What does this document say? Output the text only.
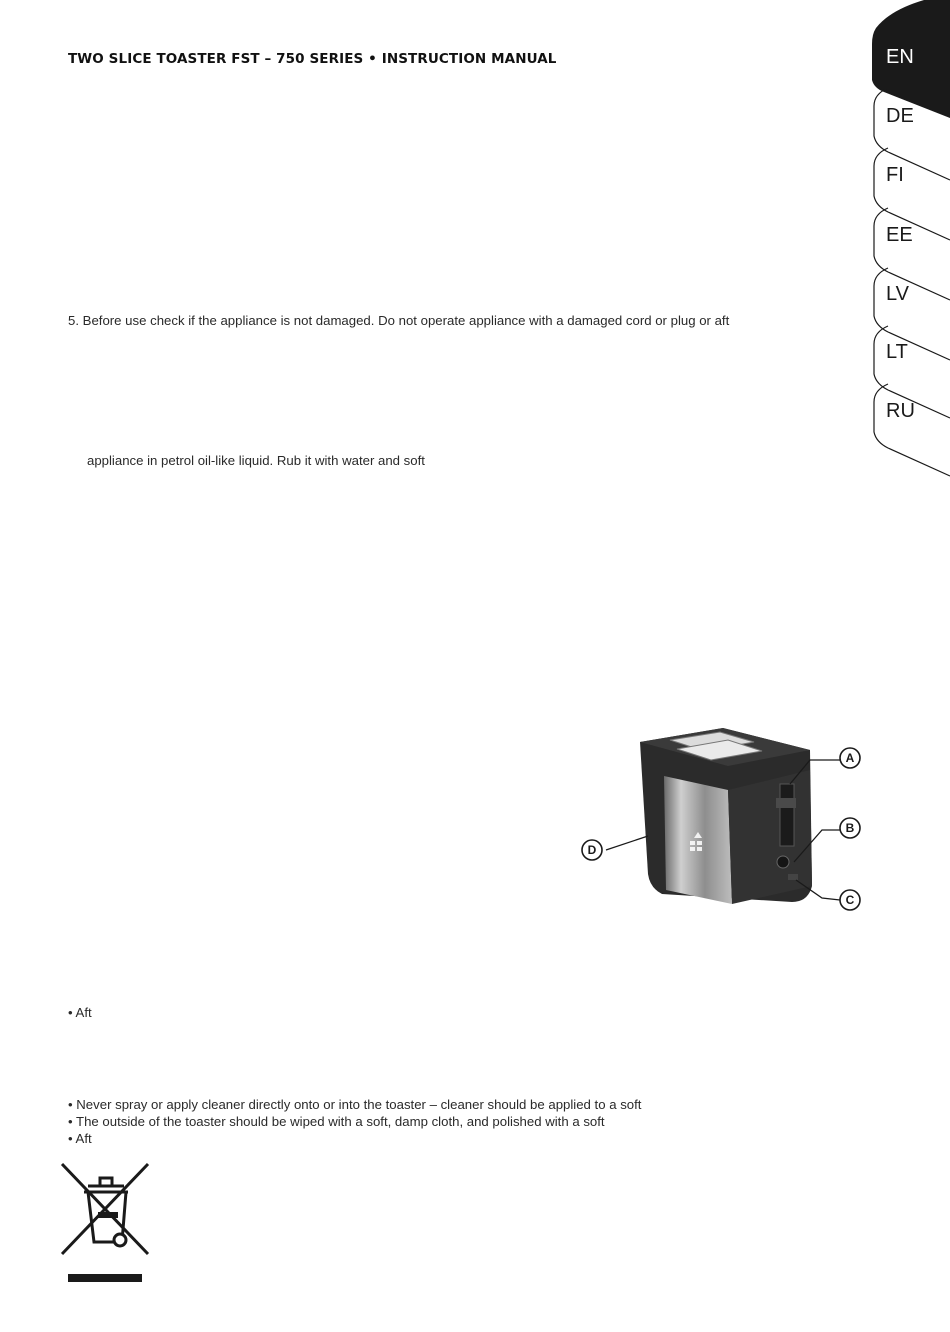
TWO SLICE TOASTER FST – 750 SERIES • INSTRUCTION MANUAL	EN
DE
FI
EE
LV
LT
RU
5. Before use check if the appliance is not damaged. Do not operate appliance with a damaged cord or plug or aft
appliance in petrol oil-like liquid. Rub it with water and soft
A
B
C
D
• Aft
• Never spray or apply cleaner directly onto or into the toaster – cleaner should be applied to a soft
• The outside of the toaster should be wiped with a soft, damp cloth, and polished with a soft
• Aft
